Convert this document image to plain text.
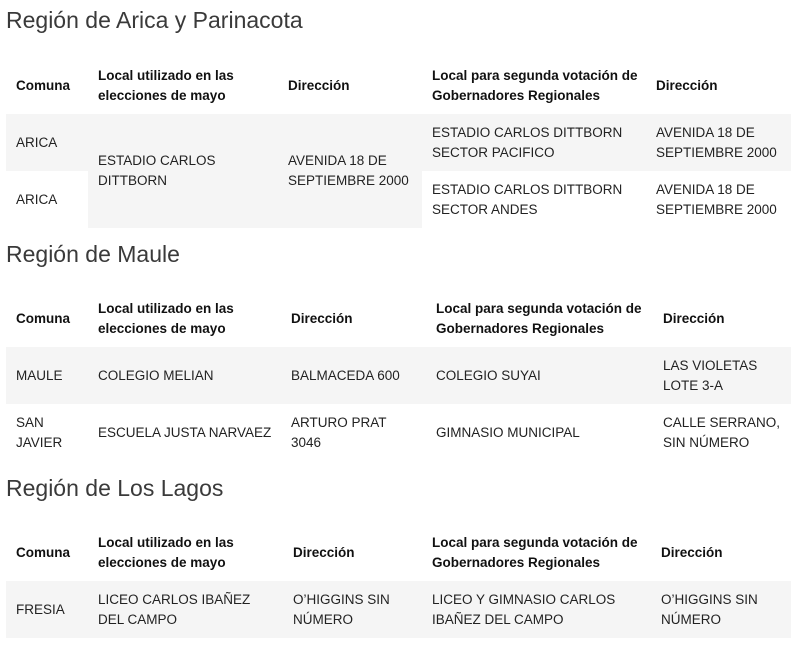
Región de Arica y Parinacota
Comuna	Local utilizado en las elecciones de mayo	Dirección	Local para segunda votación de Gobernadores Regionales	Dirección
ARICA	ESTADIO CARLOS DITTBORN	AVENIDA 18 DE SEPTIEMBRE 2000	ESTADIO CARLOS DITTBORN SECTOR PACIFICO	AVENIDA 18 DE SEPTIEMBRE 2000
ARICA			ESTADIO CARLOS DITTBORN SECTOR ANDES	AVENIDA 18 DE SEPTIEMBRE 2000
Región de Maule
Comuna	Local utilizado en las elecciones de mayo	Dirección	Local para segunda votación de Gobernadores Regionales	Dirección
MAULE	COLEGIO MELIAN	BALMACEDA 600	COLEGIO SUYAI	LAS VIOLETAS LOTE 3-A
SAN JAVIER	ESCUELA JUSTA NARVAEZ	ARTURO PRAT 3046	GIMNASIO MUNICIPAL	CALLE SERRANO, SIN NÚMERO
Región de Los Lagos
Comuna	Local utilizado en las elecciones de mayo	Dirección	Local para segunda votación de Gobernadores Regionales	Dirección
FRESIA	LICEO CARLOS IBAÑEZ DEL CAMPO	O’HIGGINS SIN NÚMERO	LICEO Y GIMNASIO CARLOS IBAÑEZ DEL CAMPO	O’HIGGINS SIN NÚMERO
